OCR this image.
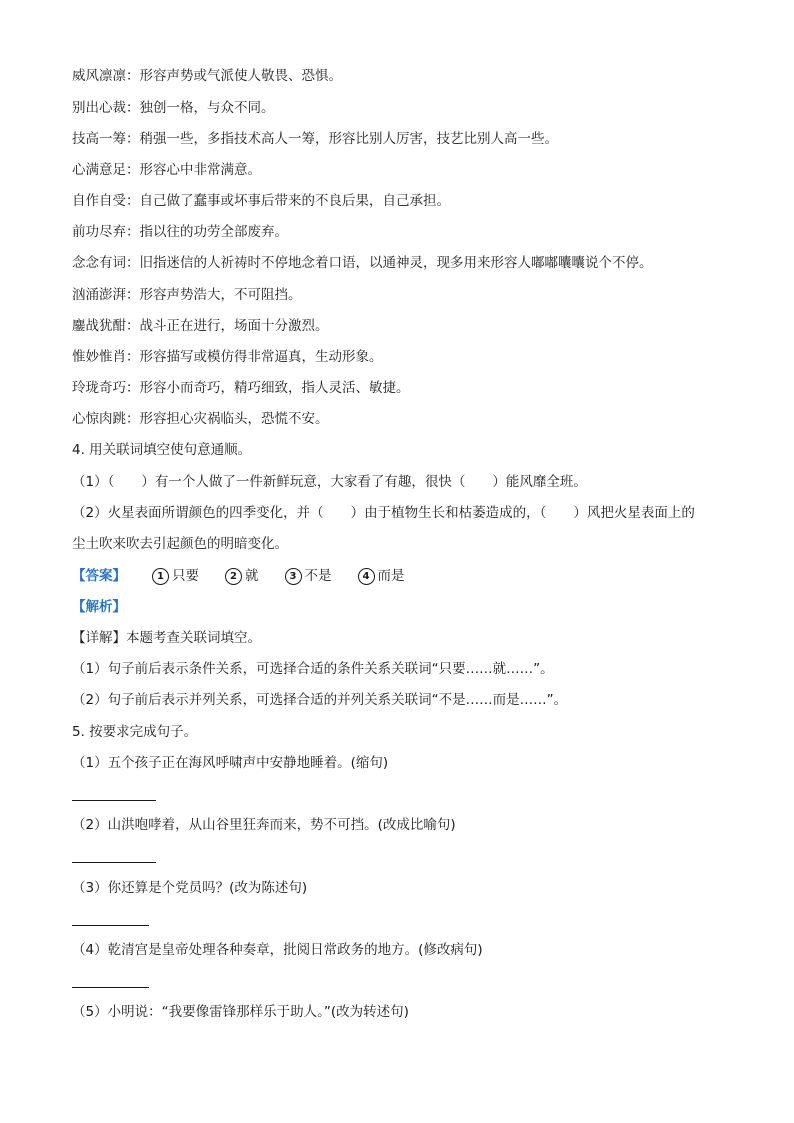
威风凛凛：形容声势或气派使人敬畏、恐惧。
别出心裁：独创一格，与众不同。
技高一筹：稍强一些，多指技术高人一筹，形容比别人厉害，技艺比别人高一些。
心满意足：形容心中非常满意。
自作自受：自己做了蠢事或坏事后带来的不良后果，自己承担。
前功尽弃：指以往的功劳全部废弃。
念念有词：旧指迷信的人祈祷时不停地念着口语，以通神灵，现多用来形容人嘟嘟囔囔说个不停。
汹涌澎湃：形容声势浩大，不可阻挡。
鏖战犹酣：战斗正在进行，场面十分激烈。
惟妙惟肖：形容描写或模仿得非常逼真，生动形象。
玲珑奇巧：形容小而奇巧，精巧细致，指人灵活、敏捷。
心惊肉跳：形容担心灾祸临头，恐慌不安。
4. 用关联词填空使句意通顺。
（1）（　　）有一个人做了一件新鲜玩意，大家看了有趣，很快（　　）能风靡全班。
（2）火星表面所谓颜色的四季变化，并（　　）由于植物生长和枯萎造成的，（　　）风把火星表面上的
尘土吹来吹去引起颜色的明暗变化。
【答案】	1 只要	2 就	3 不是	4 而是
【解析】
【详解】本题考查关联词填空。
（1）句子前后表示条件关系，可选择合适的条件关系关联词“只要……就……”。
（2）句子前后表示并列关系，可选择合适的并列关系关联词“不是……而是……”。
5. 按要求完成句子。
（1）五个孩子正在海风呼啸声中安静地睡着。(缩句)
（2）山洪咆哮着，从山谷里狂奔而来，势不可挡。(改成比喻句)
（3）你还算是个党员吗？(改为陈述句)
（4）乾清宫是皇帝处理各种奏章，批阅日常政务的地方。(修改病句)
（5）小明说：“我要像雷锋那样乐于助人。”(改为转述句)
